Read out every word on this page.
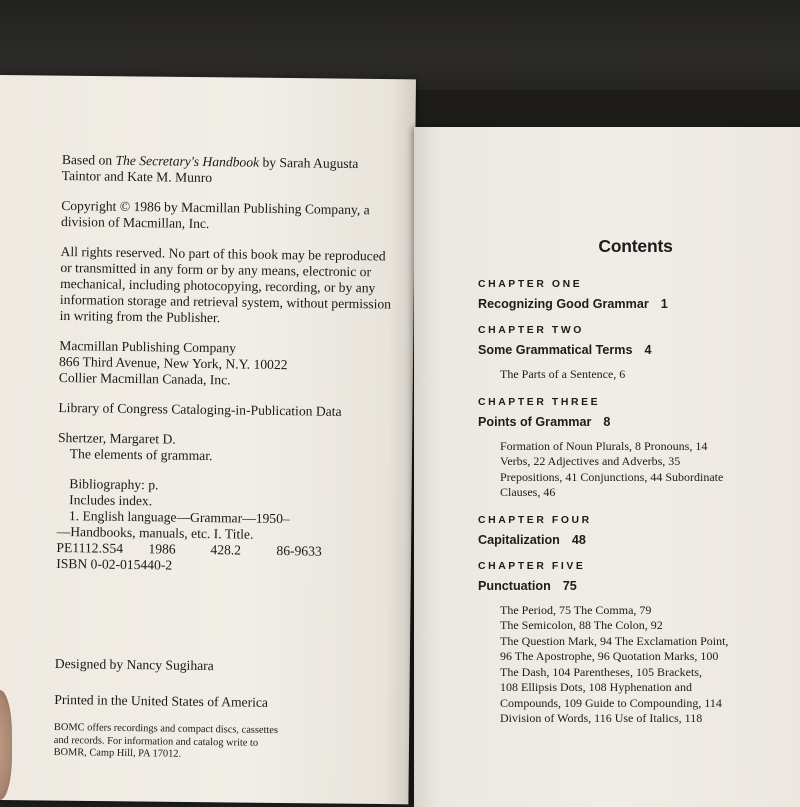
Based on The Secretary's Handbook by Sarah Augusta

Taintor and Kate M. Munro

Copyright © 1986 by Macmillan Publishing Company, a

division of Macmillan, Inc.

All rights reserved. No part of this book may be reproduced

or transmitted in any form or by any means, electronic or

mechanical, including photocopying, recording, or by any

information storage and retrieval system, without permission

in writing from the Publisher.

Macmillan Publishing Company

866 Third Avenue, New York, N.Y. 10022

Collier Macmillan Canada, Inc.

Library of Congress Cataloging-in-Publication Data

Shertzer, Margaret D.

The elements of grammar.

Bibliography: p.

Includes index.

1. English language—Grammar—1950–

—Handbooks, manuals, etc. I. Title.

PE1112.S54 1986	428.2	86-9633

ISBN 0-02-015440-2

Designed by Nancy Sugihara

Printed in the United States of America

BOMC offers recordings and compact discs, cassettes

and records. For information and catalog write to

BOMR, Camp Hill, PA 17012.

Contents
CHAPTER ONE
Recognizing Good Grammar 1
CHAPTER TWO
Some Grammatical Terms 4

The Parts of a Sentence, 6

CHAPTER THREE
Points of Grammar 8

Formation of Noun Plurals, 8 Pronouns, 14

Verbs, 22 Adjectives and Adverbs, 35

Prepositions, 41 Conjunctions, 44 Subordinate

Clauses, 46

CHAPTER FOUR
Capitalization 48
CHAPTER FIVE
Punctuation 75

The Period, 75 The Comma, 79

The Semicolon, 88 The Colon, 92

The Question Mark, 94 The Exclamation Point,

96 The Apostrophe, 96 Quotation Marks, 100

The Dash, 104 Parentheses, 105 Brackets,

108 Ellipsis Dots, 108 Hyphenation and

Compounds, 109 Guide to Compounding, 114

Division of Words, 116 Use of Italics, 118
